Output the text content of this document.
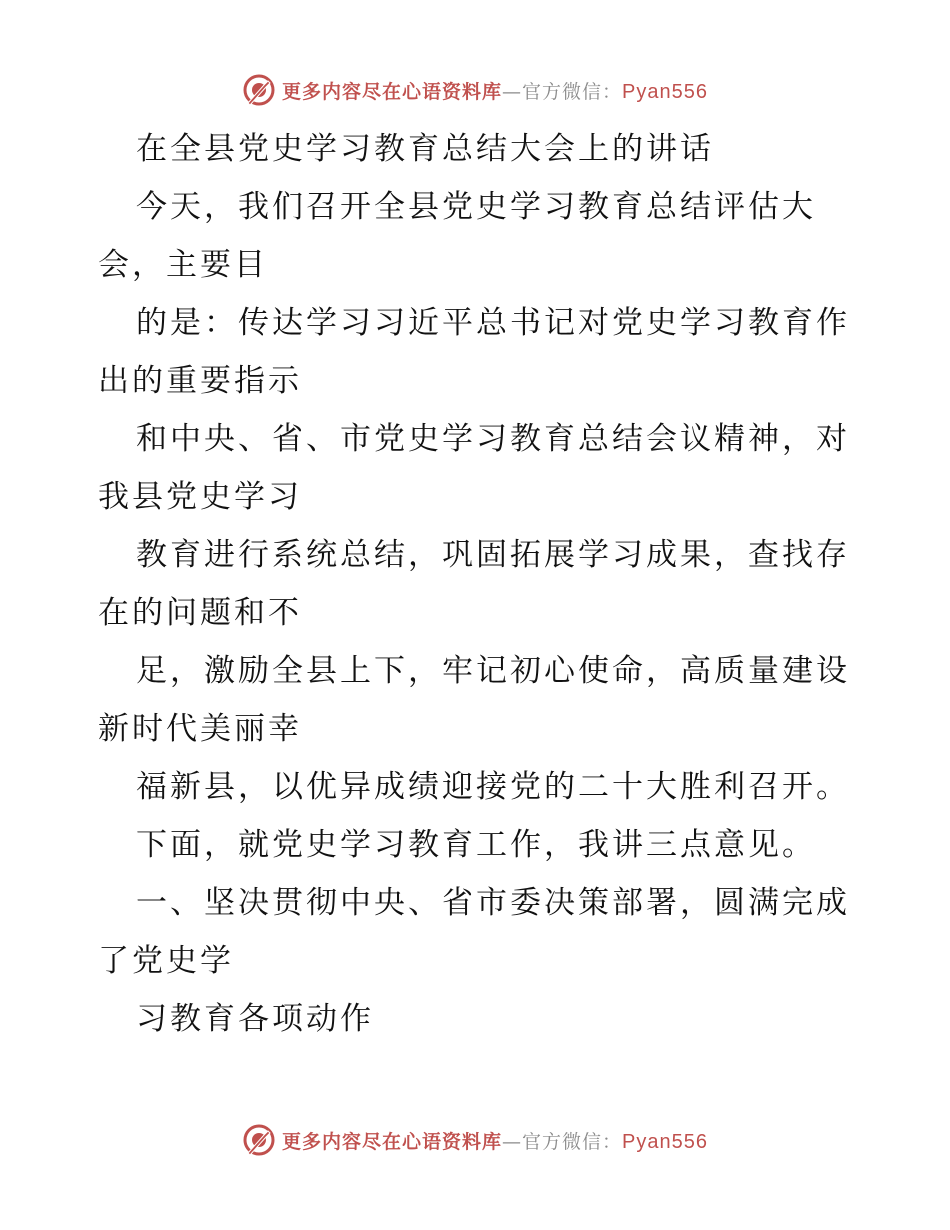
更多内容尽在心语资料库—官方微信：Pyan556
在全县党史学习教育总结大会上的讲话
今天，我们召开全县党史学习教育总结评估大
会，主要目
的是：传达学习习近平总书记对党史学习教育作
出的重要指示
和中央、省、市党史学习教育总结会议精神，对
我县党史学习
教育进行系统总结，巩固拓展学习成果，查找存
在的问题和不
足，激励全县上下，牢记初心使命，高质量建设
新时代美丽幸
福新县，以优异成绩迎接党的二十大胜利召开。
下面，就党史学习教育工作，我讲三点意见。
一、坚决贯彻中央、省市委决策部署，圆满完成
了党史学
习教育各项动作
更多内容尽在心语资料库—官方微信：Pyan556
